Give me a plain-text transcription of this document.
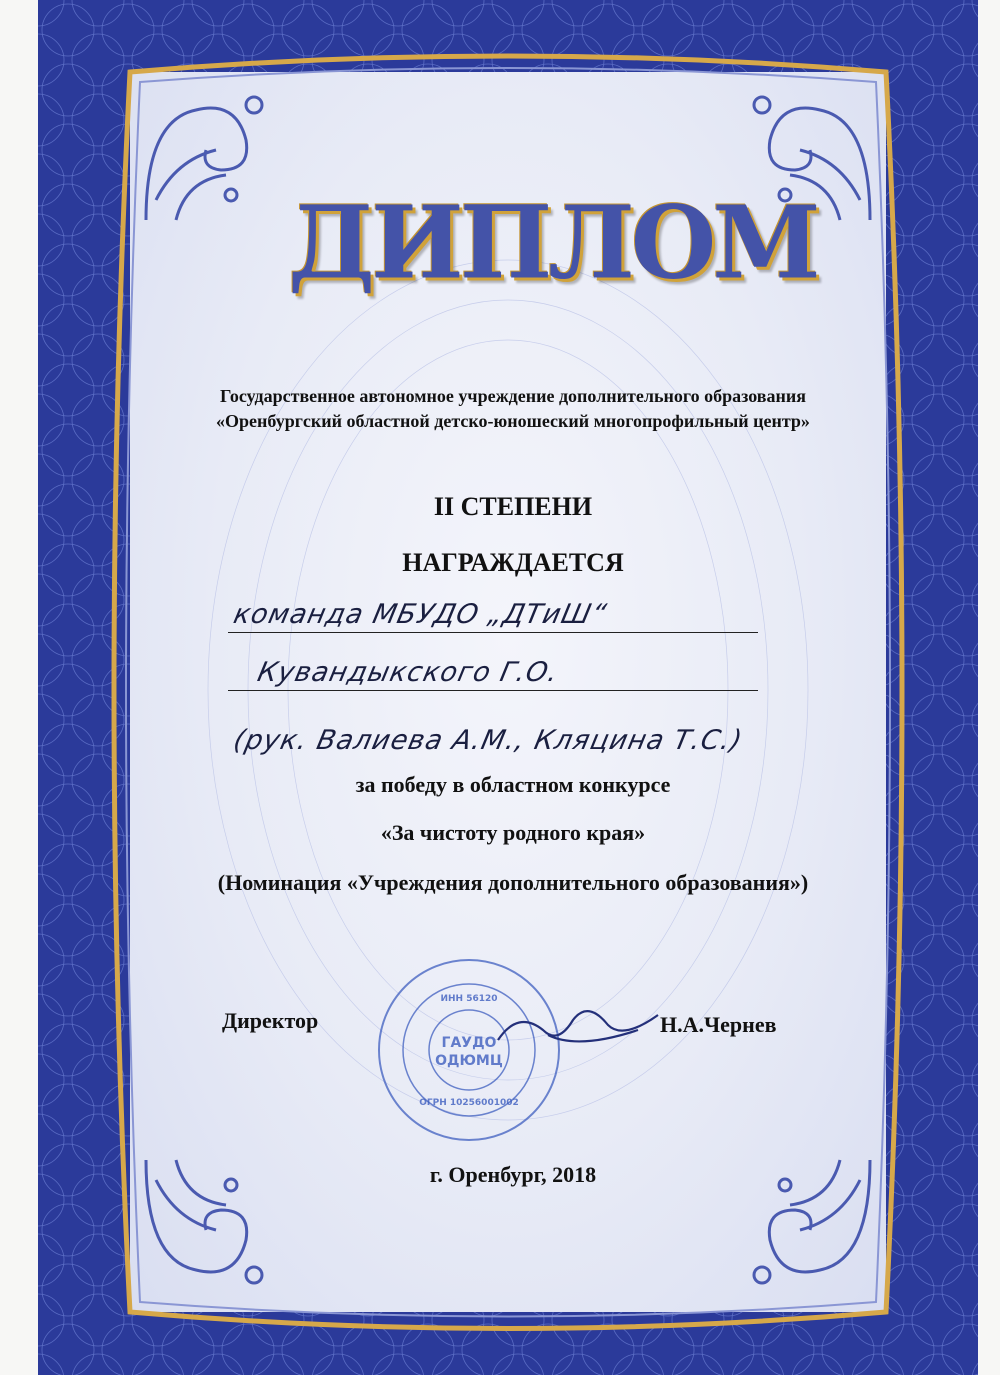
ДИПЛОМ
Государственное автономное учреждение дополнительного образования
«Оренбургский областной детско-юношеский многопрофильный центр»
II СТЕПЕНИ
НАГРАЖДАЕТСЯ
команда МБУДО „ДТиШ“
Кувандыкского Г.О.
(рук. Валиева А.М., Кляцина Т.С.)
за победу в областном конкурсе
«За чистоту родного края»
(Номинация «Учреждения дополнительного образования»)
Директор
ГАУДО
ОДЮМЦ
ИНН 56120
ОГРН 10256001002
Н.А.Чернев
г. Оренбург, 2018
